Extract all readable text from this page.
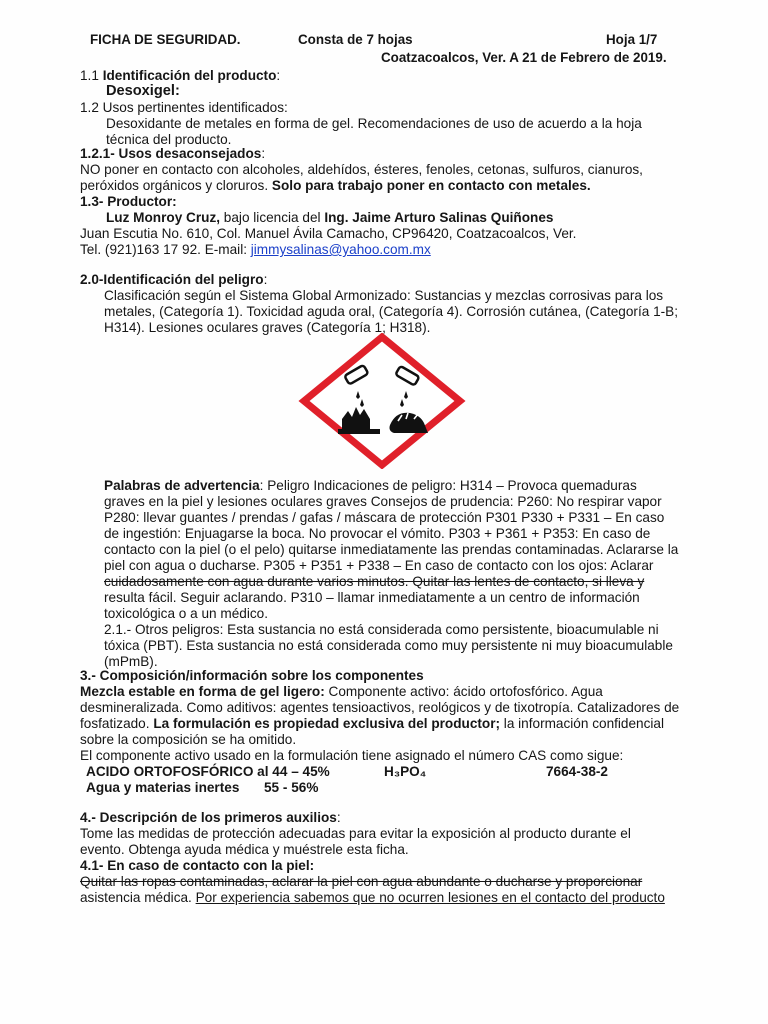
FICHA DE SEGURIDAD.	Consta de 7 hojas	Hoja 1/7
Coatzacoalcos, Ver. A 21 de Febrero de 2019.
1.1 Identificación del producto:
Desoxigel:
1.2 Usos pertinentes identificados:
Desoxidante de metales en forma de gel. Recomendaciones de uso de acuerdo a la hoja
técnica del producto.
1.2.1- Usos desaconsejados:
NO poner en contacto con alcoholes, aldehídos, ésteres, fenoles, cetonas, sulfuros, cianuros,
peróxidos orgánicos y cloruros. Solo para trabajo poner en contacto con metales.
1.3- Productor:
Luz Monroy Cruz, bajo licencia del Ing. Jaime Arturo Salinas Quiñones
Juan Escutia No. 610, Col. Manuel Ávila Camacho, CP96420, Coatzacoalcos, Ver.
Tel. (921)163 17 92. E-mail: jimmysalinas@yahoo.com.mx
2.0-Identificación del peligro:
Clasificación según el Sistema Global Armonizado: Sustancias y mezclas corrosivas para los
metales, (Categoría 1). Toxicidad aguda oral, (Categoría 4). Corrosión cutánea, (Categoría 1-B;
H314). Lesiones oculares graves (Categoría 1; H318).
Palabras de advertencia: Peligro Indicaciones de peligro: H314 – Provoca quemaduras
graves en la piel y lesiones oculares graves Consejos de prudencia: P260: No respirar vapor
P280: llevar guantes / prendas / gafas / máscara de protección P301 P330 + P331 – En caso
de ingestión: Enjuagarse la boca. No provocar el vómito. P303 + P361 + P353: En caso de
contacto con la piel (o el pelo) quitarse inmediatamente las prendas contaminadas. Aclararse la
piel con agua o ducharse. P305 + P351 + P338 – En caso de contacto con los ojos: Aclarar
cuidadosamente con agua durante varios minutos. Quitar las lentes de contacto, si lleva y
resulta fácil. Seguir aclarando. P310 – llamar inmediatamente a un centro de información
toxicológica o a un médico.
2.1.- Otros peligros: Esta sustancia no está considerada como persistente, bioacumulable ni
tóxica (PBT). Esta sustancia no está considerada como muy persistente ni muy bioacumulable
(mPmB).
3.- Composición/información sobre los componentes
Mezcla estable en forma de gel ligero: Componente activo: ácido ortofosfórico. Agua
desmineralizada. Como aditivos: agentes tensioactivos, reológicos y de tixotropía. Catalizadores de
fosfatizado. La formulación es propiedad exclusiva del productor; la información confidencial
sobre la composición se ha omitido.
El componente activo usado en la formulación tiene asignado el número CAS como sigue:
ACIDO ORTOFOSFÓRICO al 44 – 45%	H₃PO₄	7664-38-2
Agua y materias inertes 55 - 56%
4.- Descripción de los primeros auxilios:
Tome las medidas de protección adecuadas para evitar la exposición al producto durante el
evento. Obtenga ayuda médica y muéstrele esta ficha.
4.1- En caso de contacto con la piel:
Quitar las ropas contaminadas, aclarar la piel con agua abundante o ducharse y proporcionar
asistencia médica. Por experiencia sabemos que no ocurren lesiones en el contacto del producto
